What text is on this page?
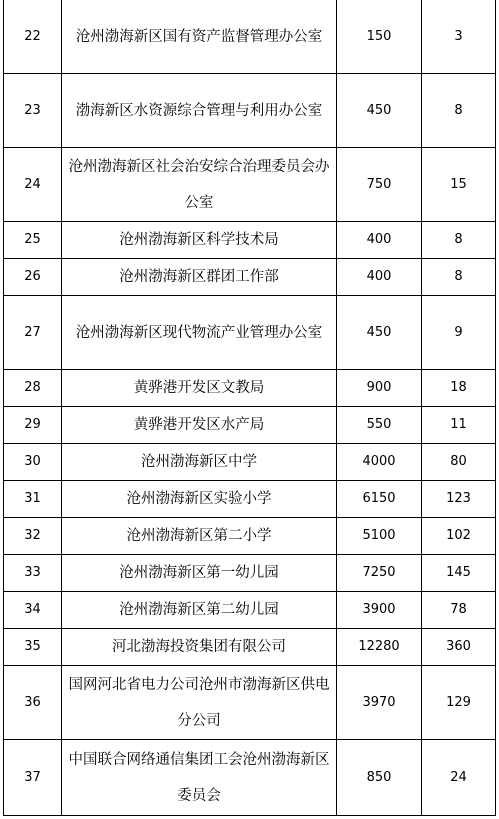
22	沧州渤海新区国有资产监督管理办公室	150	3
23	渤海新区水资源综合管理与利用办公室	450	8
24	沧州渤海新区社会治安综合治理委员会办公室	750	15
25	沧州渤海新区科学技术局	400	8
26	沧州渤海新区群团工作部	400	8
27	沧州渤海新区现代物流产业管理办公室	450	9
28	黄骅港开发区文教局	900	18
29	黄骅港开发区水产局	550	11
30	沧州渤海新区中学	4000	80
31	沧州渤海新区实验小学	6150	123
32	沧州渤海新区第二小学	5100	102
33	沧州渤海新区第一幼儿园	7250	145
34	沧州渤海新区第二幼儿园	3900	78
35	河北渤海投资集团有限公司	12280	360
36	国网河北省电力公司沧州市渤海新区供电分公司	3970	129
37	中国联合网络通信集团工会沧州渤海新区委员会	850	24
